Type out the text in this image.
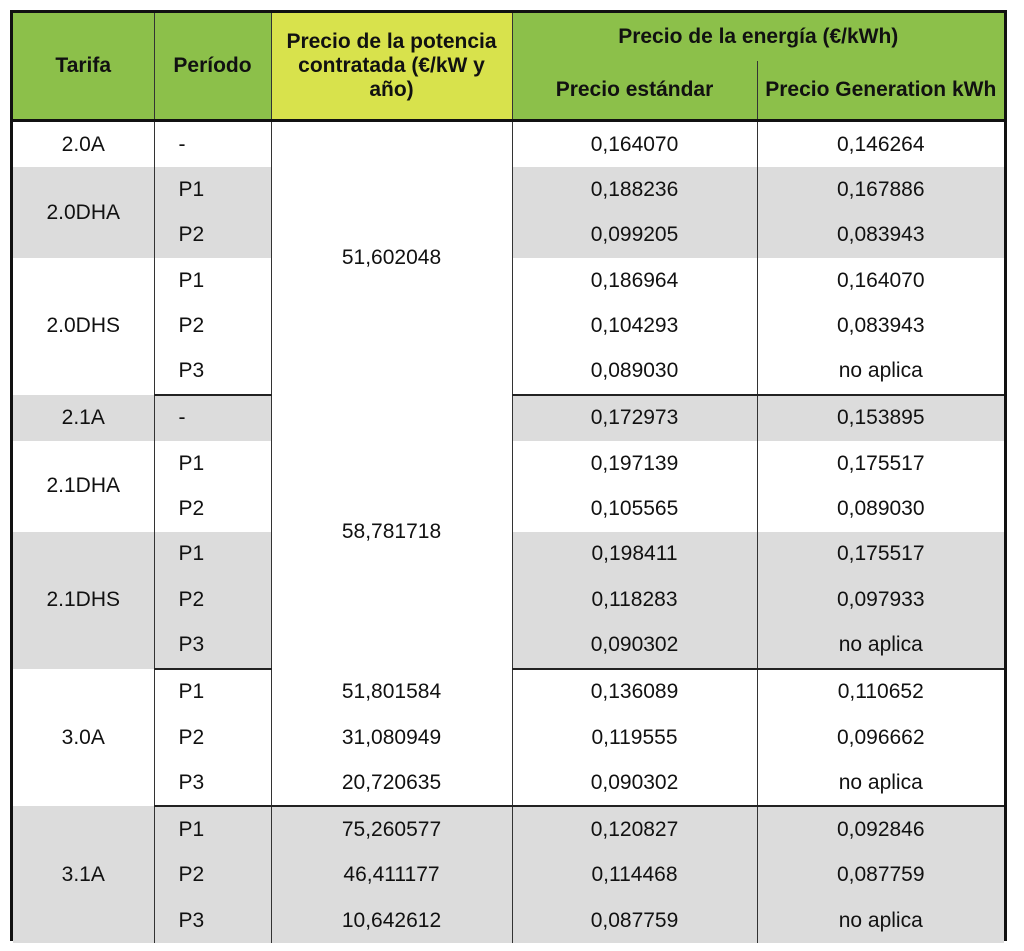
Tarifa	Período	Precio de la potencia contratada (€/kW y año)	Precio de la energía (€/kWh)	
			Precio estándar	Precio Generation kWh
2.0A	-	51,602048	0,164070	0,146264
2.0DHA	P1		0,188236	0,167886
	P2		0,099205	0,083943
2.0DHS	P1		0,186964	0,164070
	P2		0,104293	0,083943
	P3		0,089030	no aplica
2.1A	-	58,781718	0,172973	0,153895
2.1DHA	P1		0,197139	0,175517
	P2		0,105565	0,089030
2.1DHS	P1		0,198411	0,175517
	P2		0,118283	0,097933
	P3		0,090302	no aplica
3.0A	P1	51,801584	0,136089	0,110652
	P2	31,080949	0,119555	0,096662
	P3	20,720635	0,090302	no aplica
3.1A	P1	75,260577	0,120827	0,092846
	P2	46,411177	0,114468	0,087759
	P3	10,642612	0,087759	no aplica
